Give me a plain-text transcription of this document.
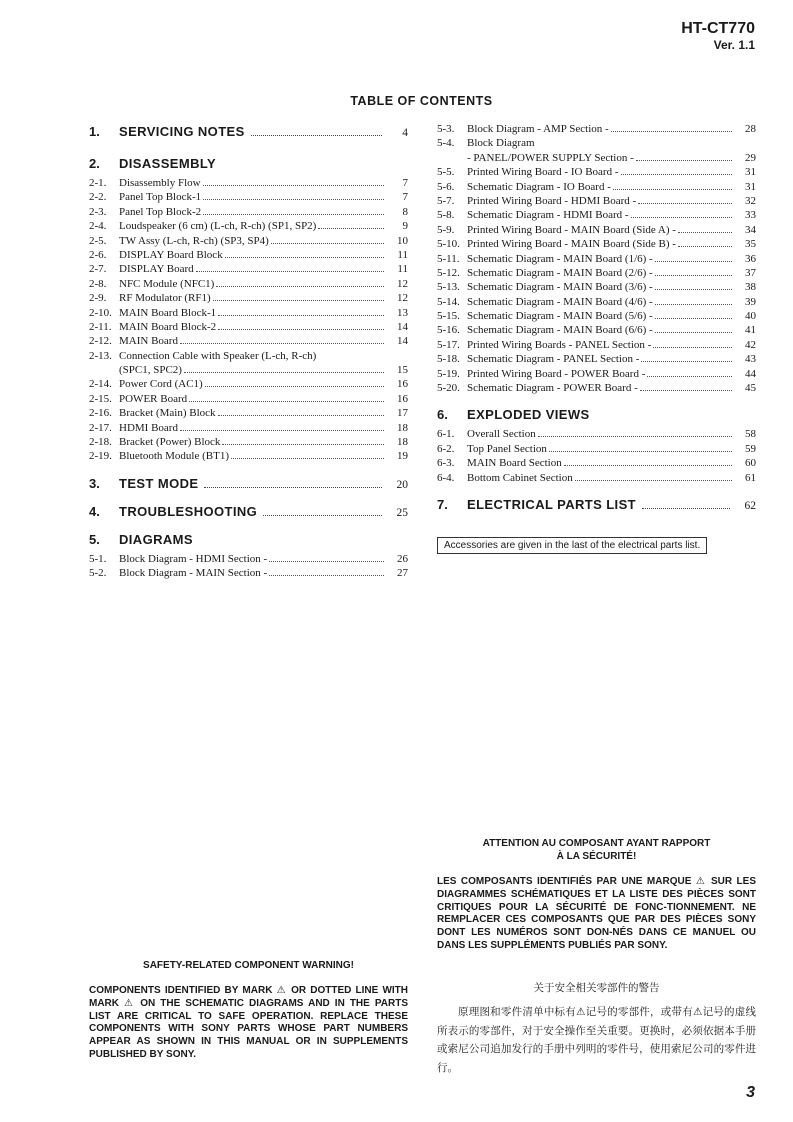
HT-CT770
Ver. 1.1
TABLE OF CONTENTS
1.	SERVICING NOTES	4
2.	DISASSEMBLY
2-1.	Disassembly Flow	7
2-2.	Panel Top Block-1	7
2-3.	Panel Top Block-2	8
2-4.	Loudspeaker (6 cm) (L-ch, R-ch) (SP1, SP2)	9
2-5.	TW Assy (L-ch, R-ch) (SP3, SP4)	10
2-6.	DISPLAY Board Block	11
2-7.	DISPLAY Board	11
2-8.	NFC Module (NFC1)	12
2-9.	RF Modulator (RF1)	12
2-10. MAIN Board Block-1	13
2-11. MAIN Board Block-2	14
2-12. MAIN Board	14
2-13. Connection Cable with Speaker (L-ch, R-ch)
(SPC1, SPC2)	15
2-14. Power Cord (AC1)	16
2-15. POWER Board	16
2-16. Bracket (Main) Block	17
2-17. HDMI Board	18
2-18. Bracket (Power) Block	18
2-19. Bluetooth Module (BT1)	19
3.	TEST MODE	20
4.	TROUBLESHOOTING	25
5.	DIAGRAMS
5-1.	Block Diagram - HDMI Section -	26
5-2.	Block Diagram - MAIN Section -	27
5-3.	Block Diagram - AMP Section -	28
5-4.	Block Diagram
- PANEL/POWER SUPPLY Section -	29
5-5.	Printed Wiring Board - IO Board -	31
5-6.	Schematic Diagram - IO Board -	31
5-7.	Printed Wiring Board - HDMI Board -	32
5-8.	Schematic Diagram - HDMI Board -	33
5-9.	Printed Wiring Board - MAIN Board (Side A) -	34
5-10. Printed Wiring Board - MAIN Board (Side B) -	35
5-11. Schematic Diagram - MAIN Board (1/6) -	36
5-12. Schematic Diagram - MAIN Board (2/6) -	37
5-13. Schematic Diagram - MAIN Board (3/6) -	38
5-14. Schematic Diagram - MAIN Board (4/6) -	39
5-15. Schematic Diagram - MAIN Board (5/6) -	40
5-16. Schematic Diagram - MAIN Board (6/6) -	41
5-17. Printed Wiring Boards - PANEL Section -	42
5-18. Schematic Diagram - PANEL Section -	43
5-19. Printed Wiring Board - POWER Board -	44
5-20. Schematic Diagram - POWER Board -	45
6.	EXPLODED VIEWS
6-1.	Overall Section	58
6-2.	Top Panel Section	59
6-3.	MAIN Board Section	60
6-4.	Bottom Cabinet Section	61
7.	ELECTRICAL PARTS LIST	62
Accessories are given in the last of the electrical parts list.
ATTENTION AU COMPOSANT AYANT RAPPORT
À LA SÉCURITÉ!
LES COMPOSANTS IDENTIFIÉS PAR UNE MARQUE ⚠ SUR LES DIAGRAMMES SCHÉMATIQUES ET LA LISTE DES PIÈCES SONT CRITIQUES POUR LA SÉCURITÉ DE FONC-TIONNEMENT. NE REMPLACER CES COMPOSANTS QUE PAR DES PIÈCES SONY DONT LES NUMÉROS SONT DON-NÉS DANS CE MANUEL OU DANS LES SUPPLÉMENTS PUBLIÉS PAR SONY.
关于安全相关零部件的警告
原理图和零件清单中标有⚠记号的零部件，或带有⚠记号的虚线所表示的零部件，对于安全操作至关重要。更换时，必须依据本手册或索尼公司追加发行的手册中列明的零件号，使用索尼公司的零件进行。
SAFETY-RELATED COMPONENT WARNING!
COMPONENTS IDENTIFIED BY MARK ⚠ OR DOTTED LINE WITH MARK ⚠ ON THE SCHEMATIC DIAGRAMS AND IN THE PARTS LIST ARE CRITICAL TO SAFE OPERATION. REPLACE THESE COMPONENTS WITH SONY PARTS WHOSE PART NUMBERS APPEAR AS SHOWN IN THIS MANUAL OR IN SUPPLEMENTS PUBLISHED BY SONY.
3
